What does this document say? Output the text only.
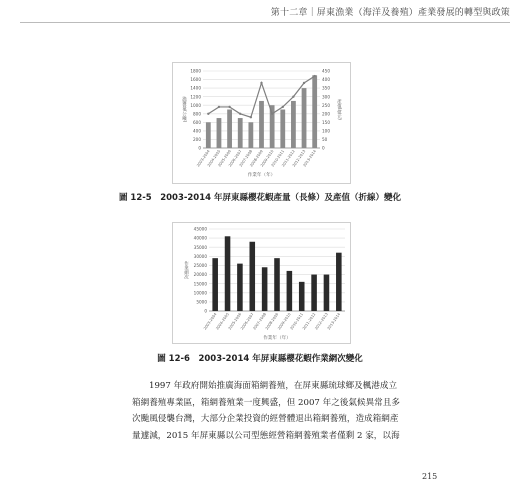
第十二章｜屏東漁業（海洋及養殖）產業發展的轉型與政策
0
200
400
600
800
1000
1200
1400
1600
1800
2003-2004
2004-2005
2005-2006
2006-2007
2007-2008
2008-2009
2009-2010
2010-2011
2011-2012
2012-2013
2013-2014
漁獲量(公噸)
作業年（年）
0
50
100
150
200
250
300
350
400
450
產值(億元)
圖 12-5　2003-2014 年屏東縣櫻花蝦產量（長條）及產值（折線）變化
0
5000
10000
15000
20000
25000
30000
35000
40000
45000
2003-2004
2004-2005
2005-2006
2006-2007
2007-2008
2008-2009
2009-2010
2010-2011
2011-2012
2012-2013
2013-2014
作業網次
作業年（年）
圖 12-6　2003-2014 年屏東縣櫻花蝦作業網次變化
1997 年政府開始推廣海面箱網養殖，在屏東縣琉球鄉及楓港成立
箱網養殖專業區，箱網養殖業一度興盛，但 2007 年之後氣候異常且多
次颱風侵襲台灣，大部分企業投資的經營體退出箱網養殖，造成箱網產
量遽減，2015 年屏東縣以公司型態經營箱網養殖業者僅剩 2 家，以海
215
